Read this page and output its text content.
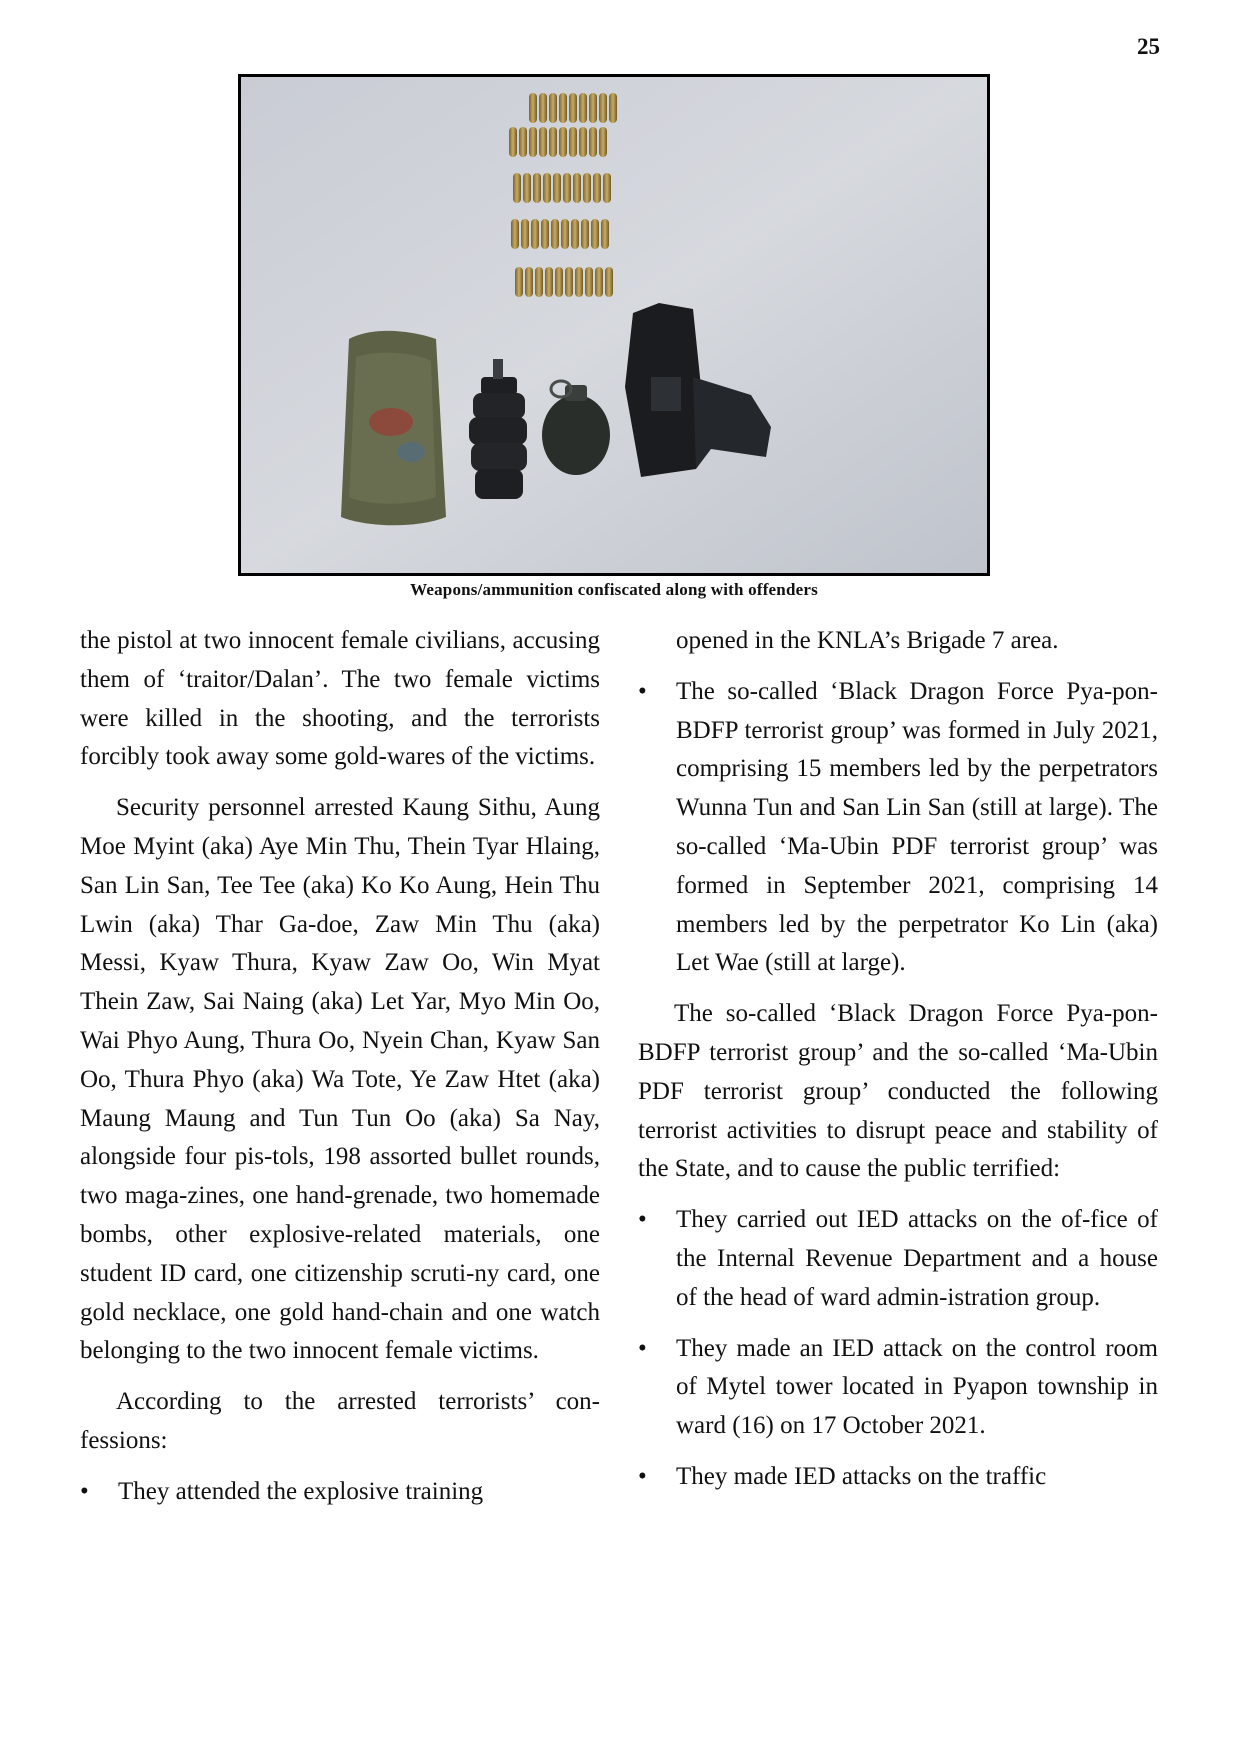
25
Weapons/ammunition confiscated along with offenders

the pistol at two innocent female civilians, accusing them of ‘traitor/Dalan’. The two female victims were killed in the shooting, and the terrorists forcibly took away some gold-wares of the victims.

Security personnel arrested Kaung Sithu, Aung Moe Myint (aka) Aye Min Thu, Thein Tyar Hlaing, San Lin San, Tee Tee (aka) Ko Ko Aung, Hein Thu Lwin (aka) Thar Ga-doe, Zaw Min Thu (aka) Messi, Kyaw Thura, Kyaw Zaw Oo, Win Myat Thein Zaw, Sai Naing (aka) Let Yar, Myo Min Oo, Wai Phyo Aung, Thura Oo, Nyein Chan, Kyaw San Oo, Thura Phyo (aka) Wa Tote, Ye Zaw Htet (aka) Maung Maung and Tun Tun Oo (aka) Sa Nay, alongside four pis-tols, 198 assorted bullet rounds, two maga-zines, one hand-grenade, two homemade bombs, other explosive-related materials, one student ID card, one citizenship scruti-ny card, one gold necklace, one gold hand-chain and one watch belonging to the two innocent female victims.

According to the arrested terrorists’ con-fessions:

• They attended the explosive training

opened in the KNLA’s Brigade 7 area.

• The so-called ‘Black Dragon Force Pya-pon-BDFP terrorist group’ was formed in July 2021, comprising 15 members led by the perpetrators Wunna Tun and San Lin San (still at large). The so-called ‘Ma-Ubin PDF terrorist group’ was formed in September 2021, comprising 14 members led by the perpetrator Ko Lin (aka) Let Wae (still at large).

The so-called ‘Black Dragon Force Pya-pon-BDFP terrorist group’ and the so-called ‘Ma-Ubin PDF terrorist group’ conducted the following terrorist activities to disrupt peace and stability of the State, and to cause the public terrified:

• They carried out IED attacks on the of-fice of the Internal Revenue Department and a house of the head of ward admin-istration group.
• They made an IED attack on the control room of Mytel tower located in Pyapon township in ward (16) on 17 October 2021.
• They made IED attacks on the traffic
